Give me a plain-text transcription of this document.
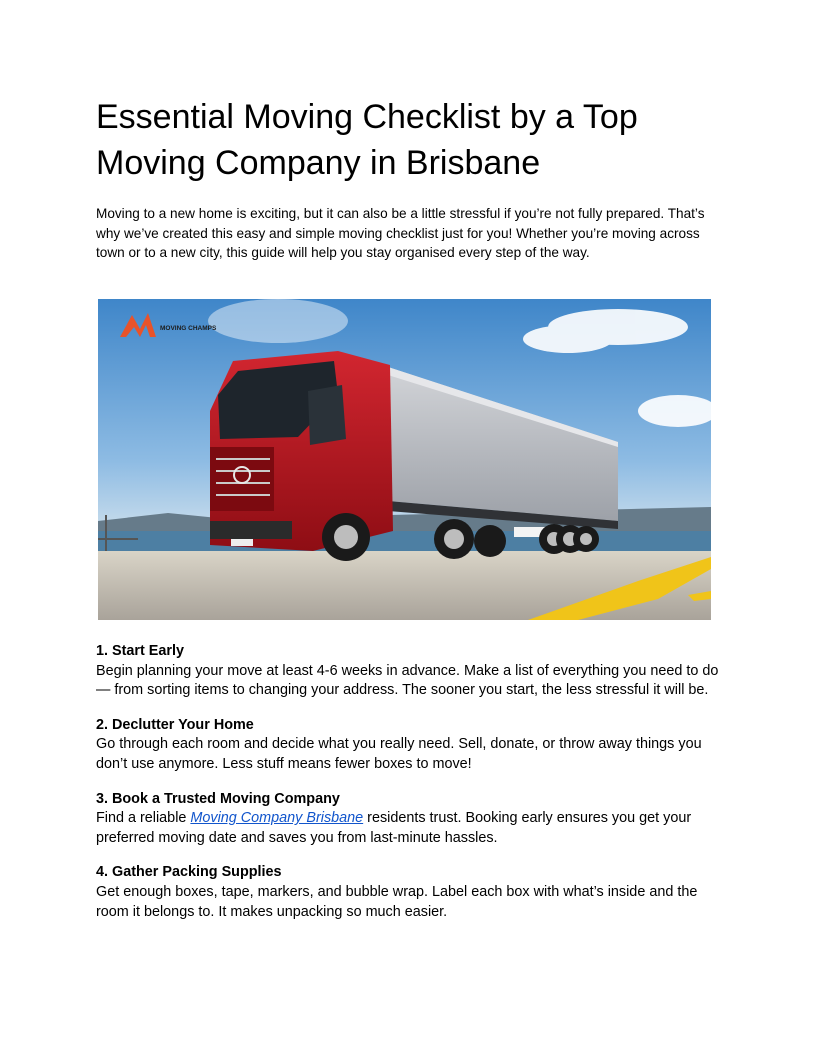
Essential Moving Checklist by a Top Moving Company in Brisbane

Moving to a new home is exciting, but it can also be a little stressful if you’re not fully prepared. That’s why we’ve created this easy and simple moving checklist just for you! Whether you’re moving across town or to a new city, this guide will help you stay organised every step of the way.

MOVING CHAMPS
1. Start Early
Begin planning your move at least 4-6 weeks in advance. Make a list of everything you need to do — from sorting items to changing your address. The sooner you start, the less stressful it will be.
2. Declutter Your Home
Go through each room and decide what you really need. Sell, donate, or throw away things you don’t use anymore. Less stuff means fewer boxes to move!
3. Book a Trusted Moving Company
Find a reliable Moving Company Brisbane residents trust. Booking early ensures you get your preferred moving date and saves you from last-minute hassles.
4. Gather Packing Supplies
Get enough boxes, tape, markers, and bubble wrap. Label each box with what’s inside and the room it belongs to. It makes unpacking so much easier.
